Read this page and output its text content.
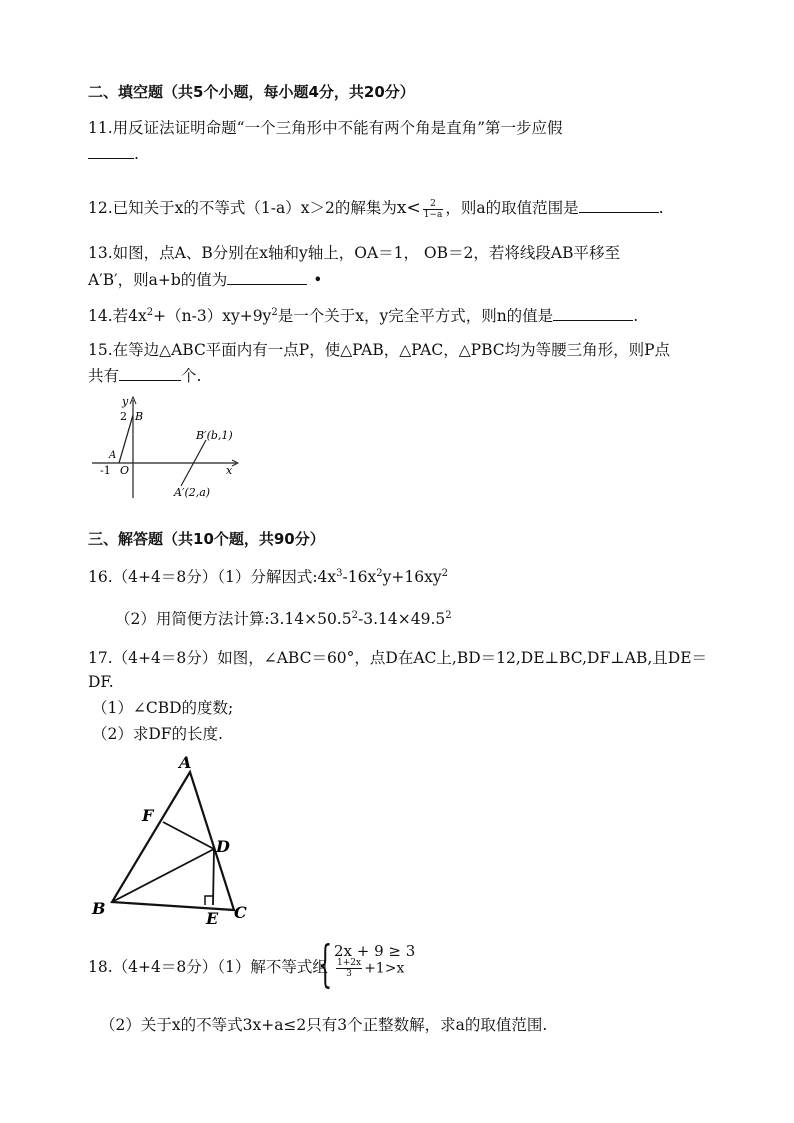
二、填空题（共5个小题，每小题4分，共20分）
11.用反证法证明命题“一个三角形中不能有两个角是直角”第一步应假
.
12.已知关于x的不等式（1-a）x＞2的解集为$x< \frac{2}{1-a}$ ，则a的取值范围是	.
13.如图，点A、B分别在x轴和y轴上，OA＝1， OB＝2，若将线段AB平移至
A′B′，则a+b的值为	•
14.若$4x^2+(n-3)xy+9y^2$是一个关于x，y完全平方式，则n的值是	.
15.在等边△ABC平面内有一点P，使△PAB，△PAC，△PBC均为等腰三角形，则P点
共有	个.
y
2 B
A
-1 O
B′(b,1)
x
A′(2,a)
三、解答题（共10个题，共90分）
16.（4+4＝8分）（1）分解因式$:4x^3-16x^2y+16xy^2$
（2）用简便方法计算$:3.14\times 50.5^2-3.14\times 49.5^2$
17.（4+4＝8分）如图，∠ABC＝60°，点D在AC上,BD＝12,DE⊥BC,DF⊥AB,且DE＝
DF.
（1）∠CBD的度数;
（2）求DF的长度.
A
F
D
B
E C
18.（4+4＝8分）（1）解不等式组
{ 2x + 9 ≥ 3
$\frac{1+2x}{3} +1>x$
（2）关于x的不等式3x+a≤2只有3个正整数解，求a的取值范围.
